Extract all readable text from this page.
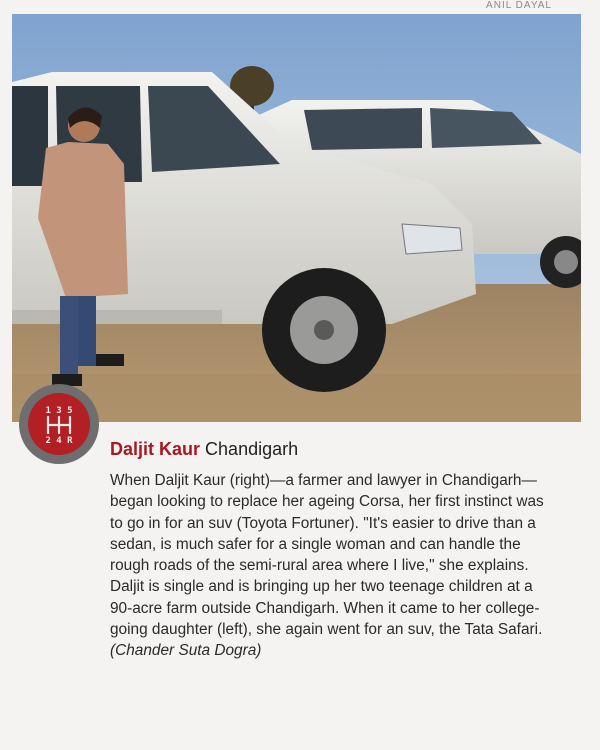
ANIL DAYAL
1 3 5
2 4 R Daljit Kaur Chandigarh

When Daljit Kaur (right)—a farmer and lawyer in Chandigarh—began looking to replace her ageing Corsa, her first instinct was to go in for an suv (Toyota Fortuner). "It's easier to drive than a sedan, is much safer for a single woman and can handle the rough roads of the semi-rural area where I live," she explains. Daljit is single and is bringing up her two teenage children at a 90-acre farm outside Chandigarh. When it came to her college-going daughter (left), she again went for an suv, the Tata Safari. (Chander Suta Dogra)
